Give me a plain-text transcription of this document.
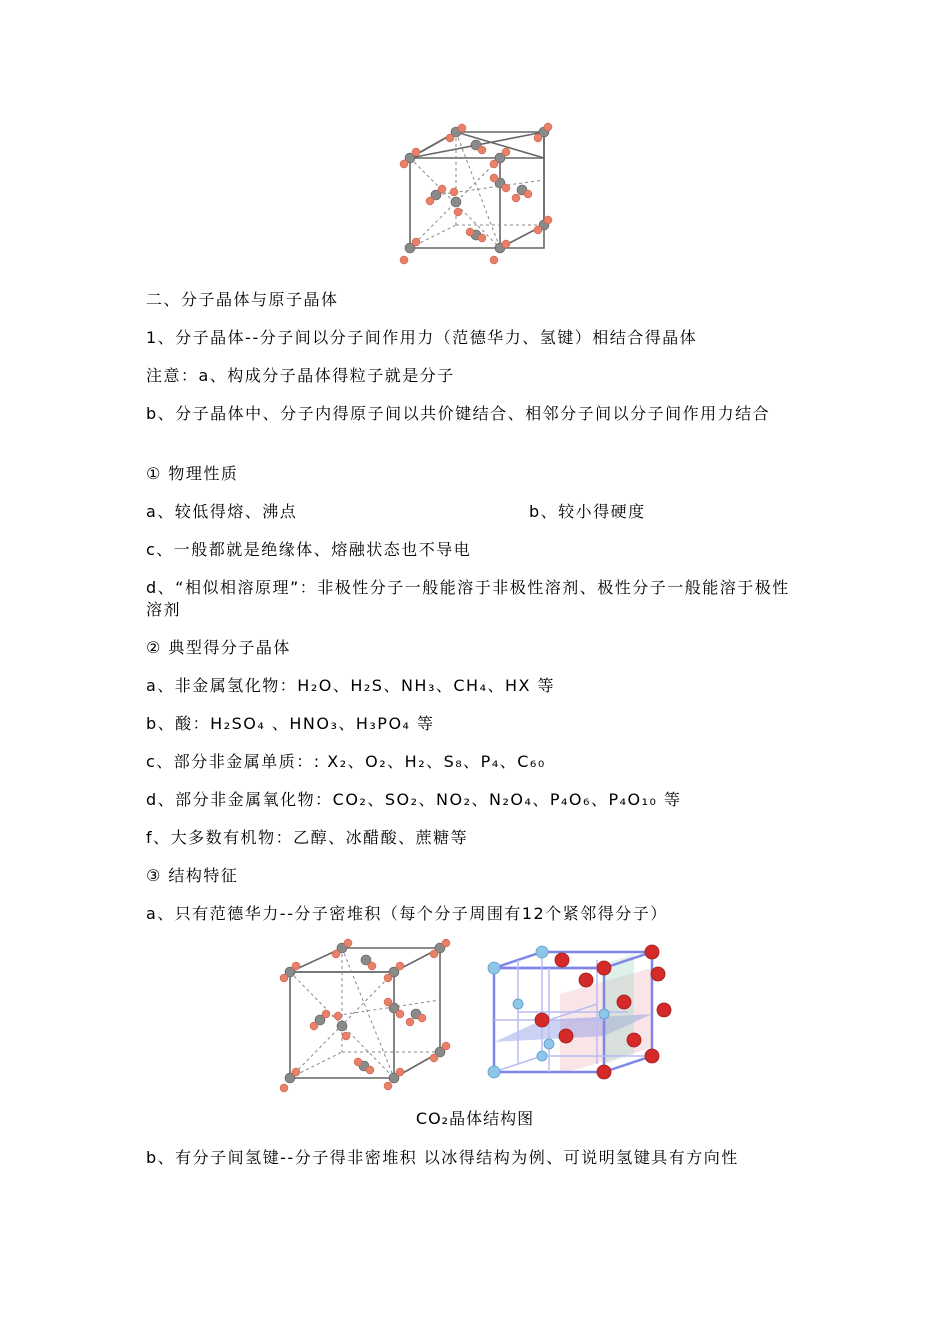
二、分子晶体与原子晶体
1、分子晶体--分子间以分子间作用力（范德华力、氢键）相结合得晶体
注意：a、构成分子晶体得粒子就是分子
b、分子晶体中、分子内得原子间以共价键结合、相邻分子间以分子间作用力结合
① 物理性质
a、较低得熔、沸点	b、较小得硬度
c、一般都就是绝缘体、熔融状态也不导电
d、“相似相溶原理”：非极性分子一般能溶于非极性溶剂、极性分子一般能溶于极性溶剂
② 典型得分子晶体
a、非金属氢化物：H₂O、H₂S、NH₃、CH₄、HX 等
b、酸：H₂SO₄ 、HNO₃、H₃PO₄ 等
c、部分非金属单质：: X₂、O₂、H₂、S₈、P₄、C₆₀
d、部分非金属氧化物：CO₂、SO₂、NO₂、N₂O₄、P₄O₆、P₄O₁₀ 等
f、大多数有机物：乙醇、冰醋酸、蔗糖等
③ 结构特征
a、只有范德华力--分子密堆积（每个分子周围有12个紧邻得分子）
CO₂晶体结构图
b、有分子间氢键--分子得非密堆积 以冰得结构为例、可说明氢键具有方向性
